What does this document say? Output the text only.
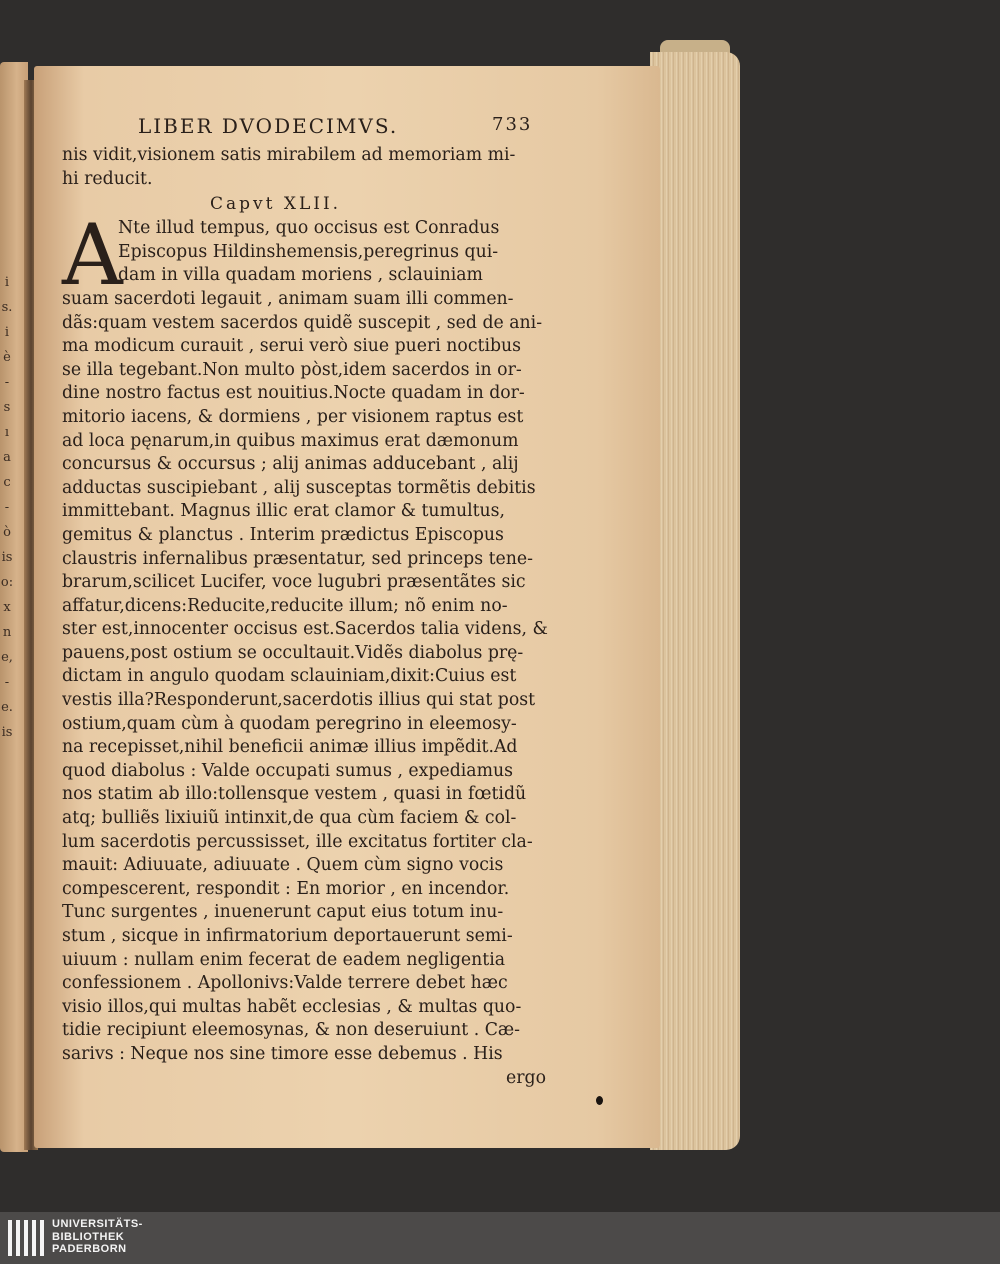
i
s.
i
è
-
s
ı
a
c
-
ò
is
o:
x
n
e,
-
e.
is
LIBER DVODECIMVS.	733
nis vidit,visionem satis mirabilem ad memoriam mi-
hi reducit.
Capvt XLII.
A
Nte illud tempus, quo occisus est Conradus
Episcopus Hildinshemensis,peregrinus qui-
dam in villa quadam moriens , sclauiniam
suam sacerdoti legauit , animam suam illi commen-
dãs:quam vestem sacerdos quidẽ suscepit , sed de ani-
ma modicum curauit , serui verò siue pueri noctibus
se illa tegebant.Non multo pòst,idem sacerdos in or-
dine nostro factus est nouitius.Nocte quadam in dor-
mitorio iacens, & dormiens , per visionem raptus est
ad loca pęnarum,in quibus maximus erat dæmonum
concursus & occursus ; alij animas adducebant , alij
adductas suscipiebant , alij susceptas tormẽtis debitis
immittebant. Magnus illic erat clamor & tumultus,
gemitus & planctus . Interim prædictus Episcopus
claustris infernalibus præsentatur, sed princeps tene-
brarum,scilicet Lucifer, voce lugubri præsentãtes sic
affatur,dicens:Reducite,reducite illum; nõ enim no-
ster est,innocenter occisus est.Sacerdos talia videns, &
pauens,post ostium se occultauit.Vidẽs diabolus prę-
dictam in angulo quodam sclauiniam,dixit:Cuius est
vestis illa?Responderunt,sacerdotis illius qui stat post
ostium,quam cùm à quodam peregrino in eleemosy-
na recepisset,nihil beneficii animæ illius impẽdit.Ad
quod diabolus : Valde occupati sumus , expediamus
nos statim ab illo:tollensque vestem , quasi in fœtidũ
atq; bulliẽs lixiuiũ intinxit,de qua cùm faciem & col-
lum sacerdotis percussisset, ille excitatus fortiter cla-
mauit: Adiuuate, adiuuate . Quem cùm signo vocis
compescerent, respondit : En morior , en incendor.
Tunc surgentes , inuenerunt caput eius totum inu-
stum , sicque in infirmatorium deportauerunt semi-
uiuum : nullam enim fecerat de eadem negligentia
confessionem . Apollonivs:Valde terrere debet hæc
visio illos,qui multas habẽt ecclesias , & multas quo-
tidie recipiunt eleemosynas, & non deseruiunt . Cæ-
sarivs : Neque nos sine timore esse debemus . His
ergo
UNIVERSITÄTS-
BIBLIOTHEK
PADERBORN
